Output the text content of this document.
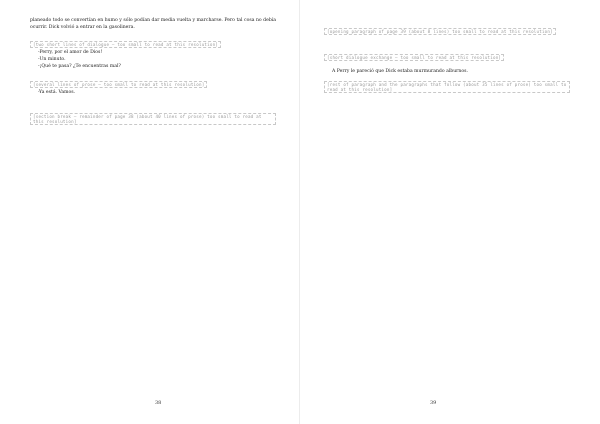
planeado todo se convertían en humo y sólo podían dar media vuelta y marcharse. Pero tal cosa no debía ocurrir. Dick volvió a entrar en la gasolinera.

[two short lines of dialogue — too small to read at this resolution]

-Perry, por el amor de Dios!

-Un minuto.

-¡Qué te pasa? ¿Te encuentras mal?

[several lines of prose — too small to read at this resolution]

-Ya está. Vamos.

[section break — remainder of page 38 (about 40 lines of prose) too small to read at this resolution]
38
[opening paragraph of page 39 (about 8 lines) too small to read at this resolution]
[short dialogue exchange — too small to read at this resolution]

A Perry le pareció que Dick estaba murmurando alburnos.

[rest of paragraph and the paragraphs that follow (about 35 lines of prose) too small to read at this resolution]
39
